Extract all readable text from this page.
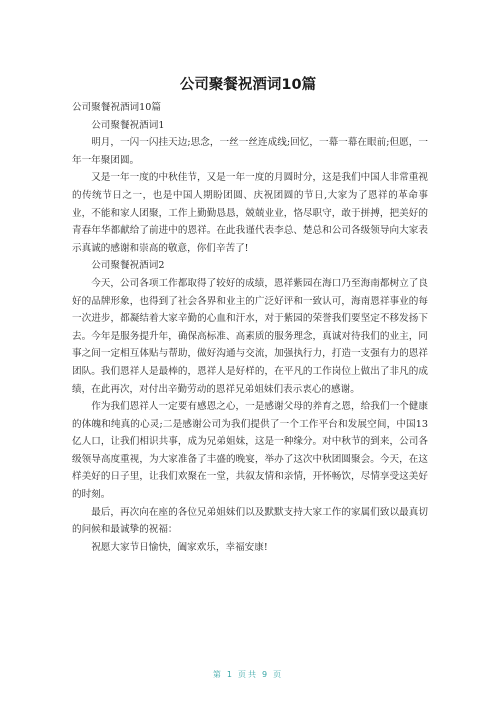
公司聚餐祝酒词10篇

公司聚餐祝酒词10篇

公司聚餐祝酒词1

明月，一闪一闪挂天边;思念，一丝一丝连成线;回忆，一幕一幕在眼前;但愿，一年一年聚团圆。

又是一年一度的中秋佳节，又是一年一度的月圆时分，这是我们中国人非常重视的传统节日之一，也是中国人期盼团圆、庆祝团圆的节日,大家为了恩祥的革命事业，不能和家人团聚，工作上勤勤恳恳，兢兢业业，恪尽职守，敢于拼搏，把美好的青春年华都献给了前进中的恩祥。在此我谨代表李总、楚总和公司各级领导向大家表示真诚的感谢和崇高的敬意，你们辛苦了!

公司聚餐祝酒词2

今天，公司各项工作都取得了较好的成绩，恩祥紫园在海口乃至海南都树立了良好的品牌形象，也得到了社会各界和业主的广泛好评和一致认可，海南恩祥事业的每一次进步，都凝结着大家辛勤的心血和汗水，对于紫园的荣誉我们要坚定不移发扬下去。今年是服务提升年，确保高标准、高素质的服务理念，真诚对待我们的业主，同事之间一定相互体贴与帮助，做好沟通与交流，加强执行力，打造一支强有力的恩祥团队。我们恩祥人是最棒的，恩祥人是好样的，在平凡的工作岗位上做出了非凡的成绩，在此再次，对付出辛勤劳动的恩祥兄弟姐妹们表示衷心的感谢。

作为我们恩祥人一定要有感恩之心，一是感谢父母的养育之恩，给我们一个健康的体魄和纯真的心灵;二是感谢公司为我们提供了一个工作平台和发展空间，中国13亿人口，让我们相识共事，成为兄弟姐妹，这是一种缘分。对中秋节的到来，公司各级领导高度重视，为大家准备了丰盛的晚宴，举办了这次中秋团圆聚会。今天，在这样美好的日子里，让我们欢聚在一堂，共叙友情和亲情，开怀畅饮，尽情享受这美好的时刻。

最后，再次向在座的各位兄弟姐妹们以及默默支持大家工作的家属们致以最真切的问候和最诚挚的祝福：

祝愿大家节日愉快，阖家欢乐，幸福安康!

第 1 页共 9 页
